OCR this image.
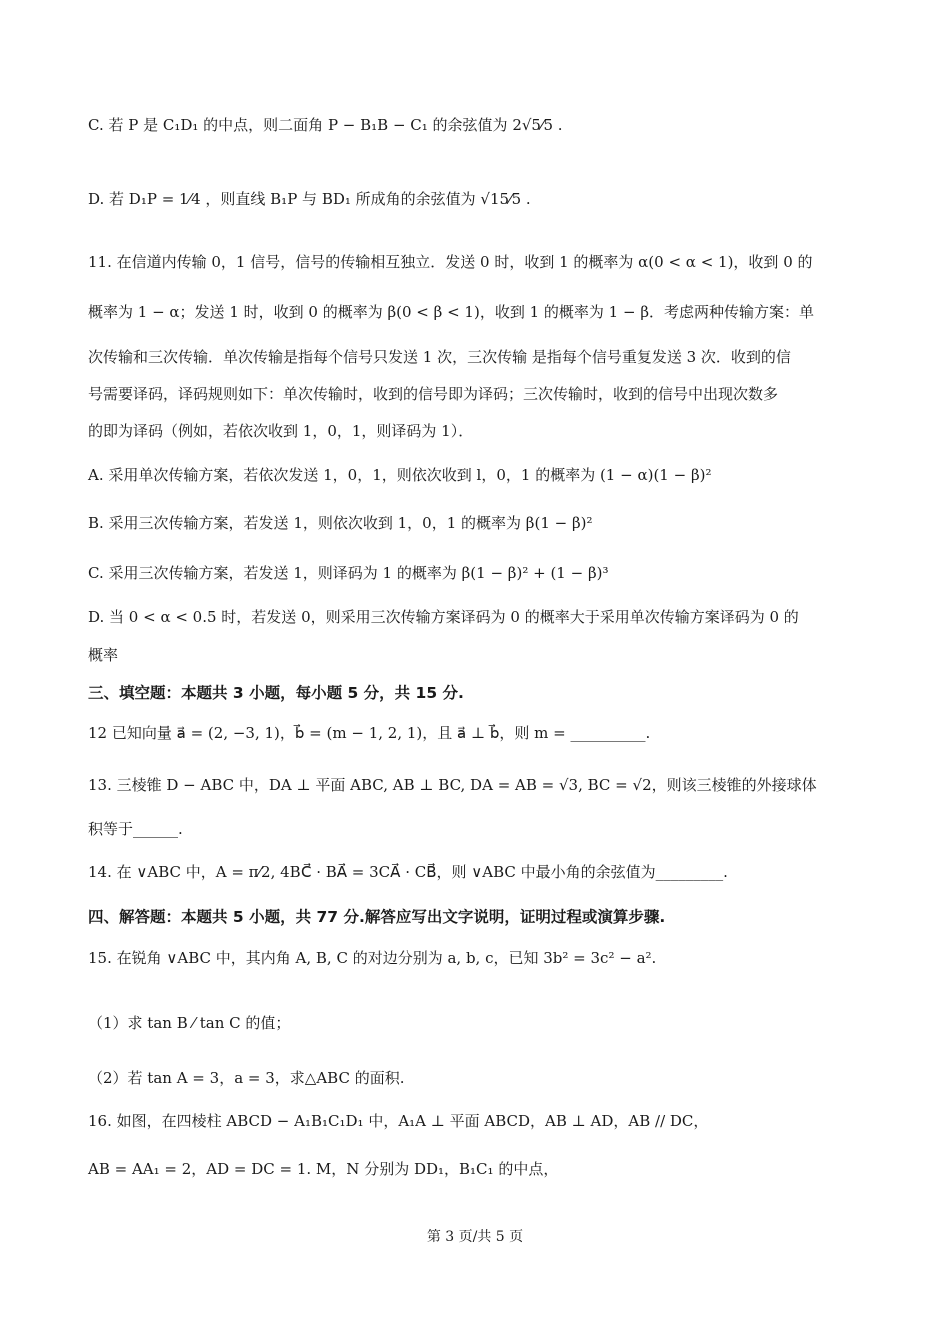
C. 若 P 是 C₁D₁ 的中点，则二面角 P − B₁B − C₁ 的余弦值为 2√5⁄5 .
D. 若 D₁P = 1⁄4 ，则直线 B₁P 与 BD₁ 所成角的余弦值为 √15⁄5 .
11. 在信道内传输 0，1 信号，信号的传输相互独立．发送 0 时，收到 1 的概率为 α(0 < α < 1)，收到 0 的
概率为 1 − α；发送 1 时，收到 0 的概率为 β(0 < β < 1)，收到 1 的概率为 1 − β．考虑两种传输方案：单
次传输和三次传输．单次传输是指每个信号只发送 1 次，三次传输 是指每个信号重复发送 3 次．收到的信
号需要译码，译码规则如下：单次传输时，收到的信号即为译码；三次传输时，收到的信号中出现次数多
的即为译码（例如，若依次收到 1，0，1，则译码为 1）．
A. 采用单次传输方案，若依次发送 1，0，1，则依次收到 l，0，1 的概率为 (1 − α)(1 − β)²
B. 采用三次传输方案，若发送 1，则依次收到 1，0，1 的概率为 β(1 − β)²
C. 采用三次传输方案，若发送 1，则译码为 1 的概率为 β(1 − β)² + (1 − β)³
D. 当 0 < α < 0.5 时，若发送 0，则采用三次传输方案译码为 0 的概率大于采用单次传输方案译码为 0 的
概率
三、填空题：本题共 3 小题，每小题 5 分，共 15 分.
12 已知向量 a⃗ = (2, −3, 1)，b⃗ = (m − 1, 2, 1)，且 a⃗ ⊥ b⃗，则 m = __________.
13. 三棱锥 D − ABC 中，DA ⊥ 平面 ABC, AB ⊥ BC, DA = AB = √3, BC = √2，则该三棱锥的外接球体
积等于______.
14. 在 ∨ABC 中，A = π⁄2, 4BC⃗ · BA⃗ = 3CA⃗ · CB⃗，则 ∨ABC 中最小角的余弦值为_________.
四、解答题：本题共 5 小题，共 77 分.解答应写出文字说明，证明过程或演算步骤.
15. 在锐角 ∨ABC 中，其内角 A, B, C 的对边分别为 a, b, c，已知 3b² = 3c² − a².
（1）求 tan B ⁄ tan C 的值；
（2）若 tan A = 3，a = 3，求△ABC 的面积.
16. 如图，在四棱柱 ABCD − A₁B₁C₁D₁ 中，A₁A ⊥ 平面 ABCD，AB ⊥ AD，AB // DC，
AB = AA₁ = 2，AD = DC = 1. M，N 分别为 DD₁，B₁C₁ 的中点，
第 3 页/共 5 页
